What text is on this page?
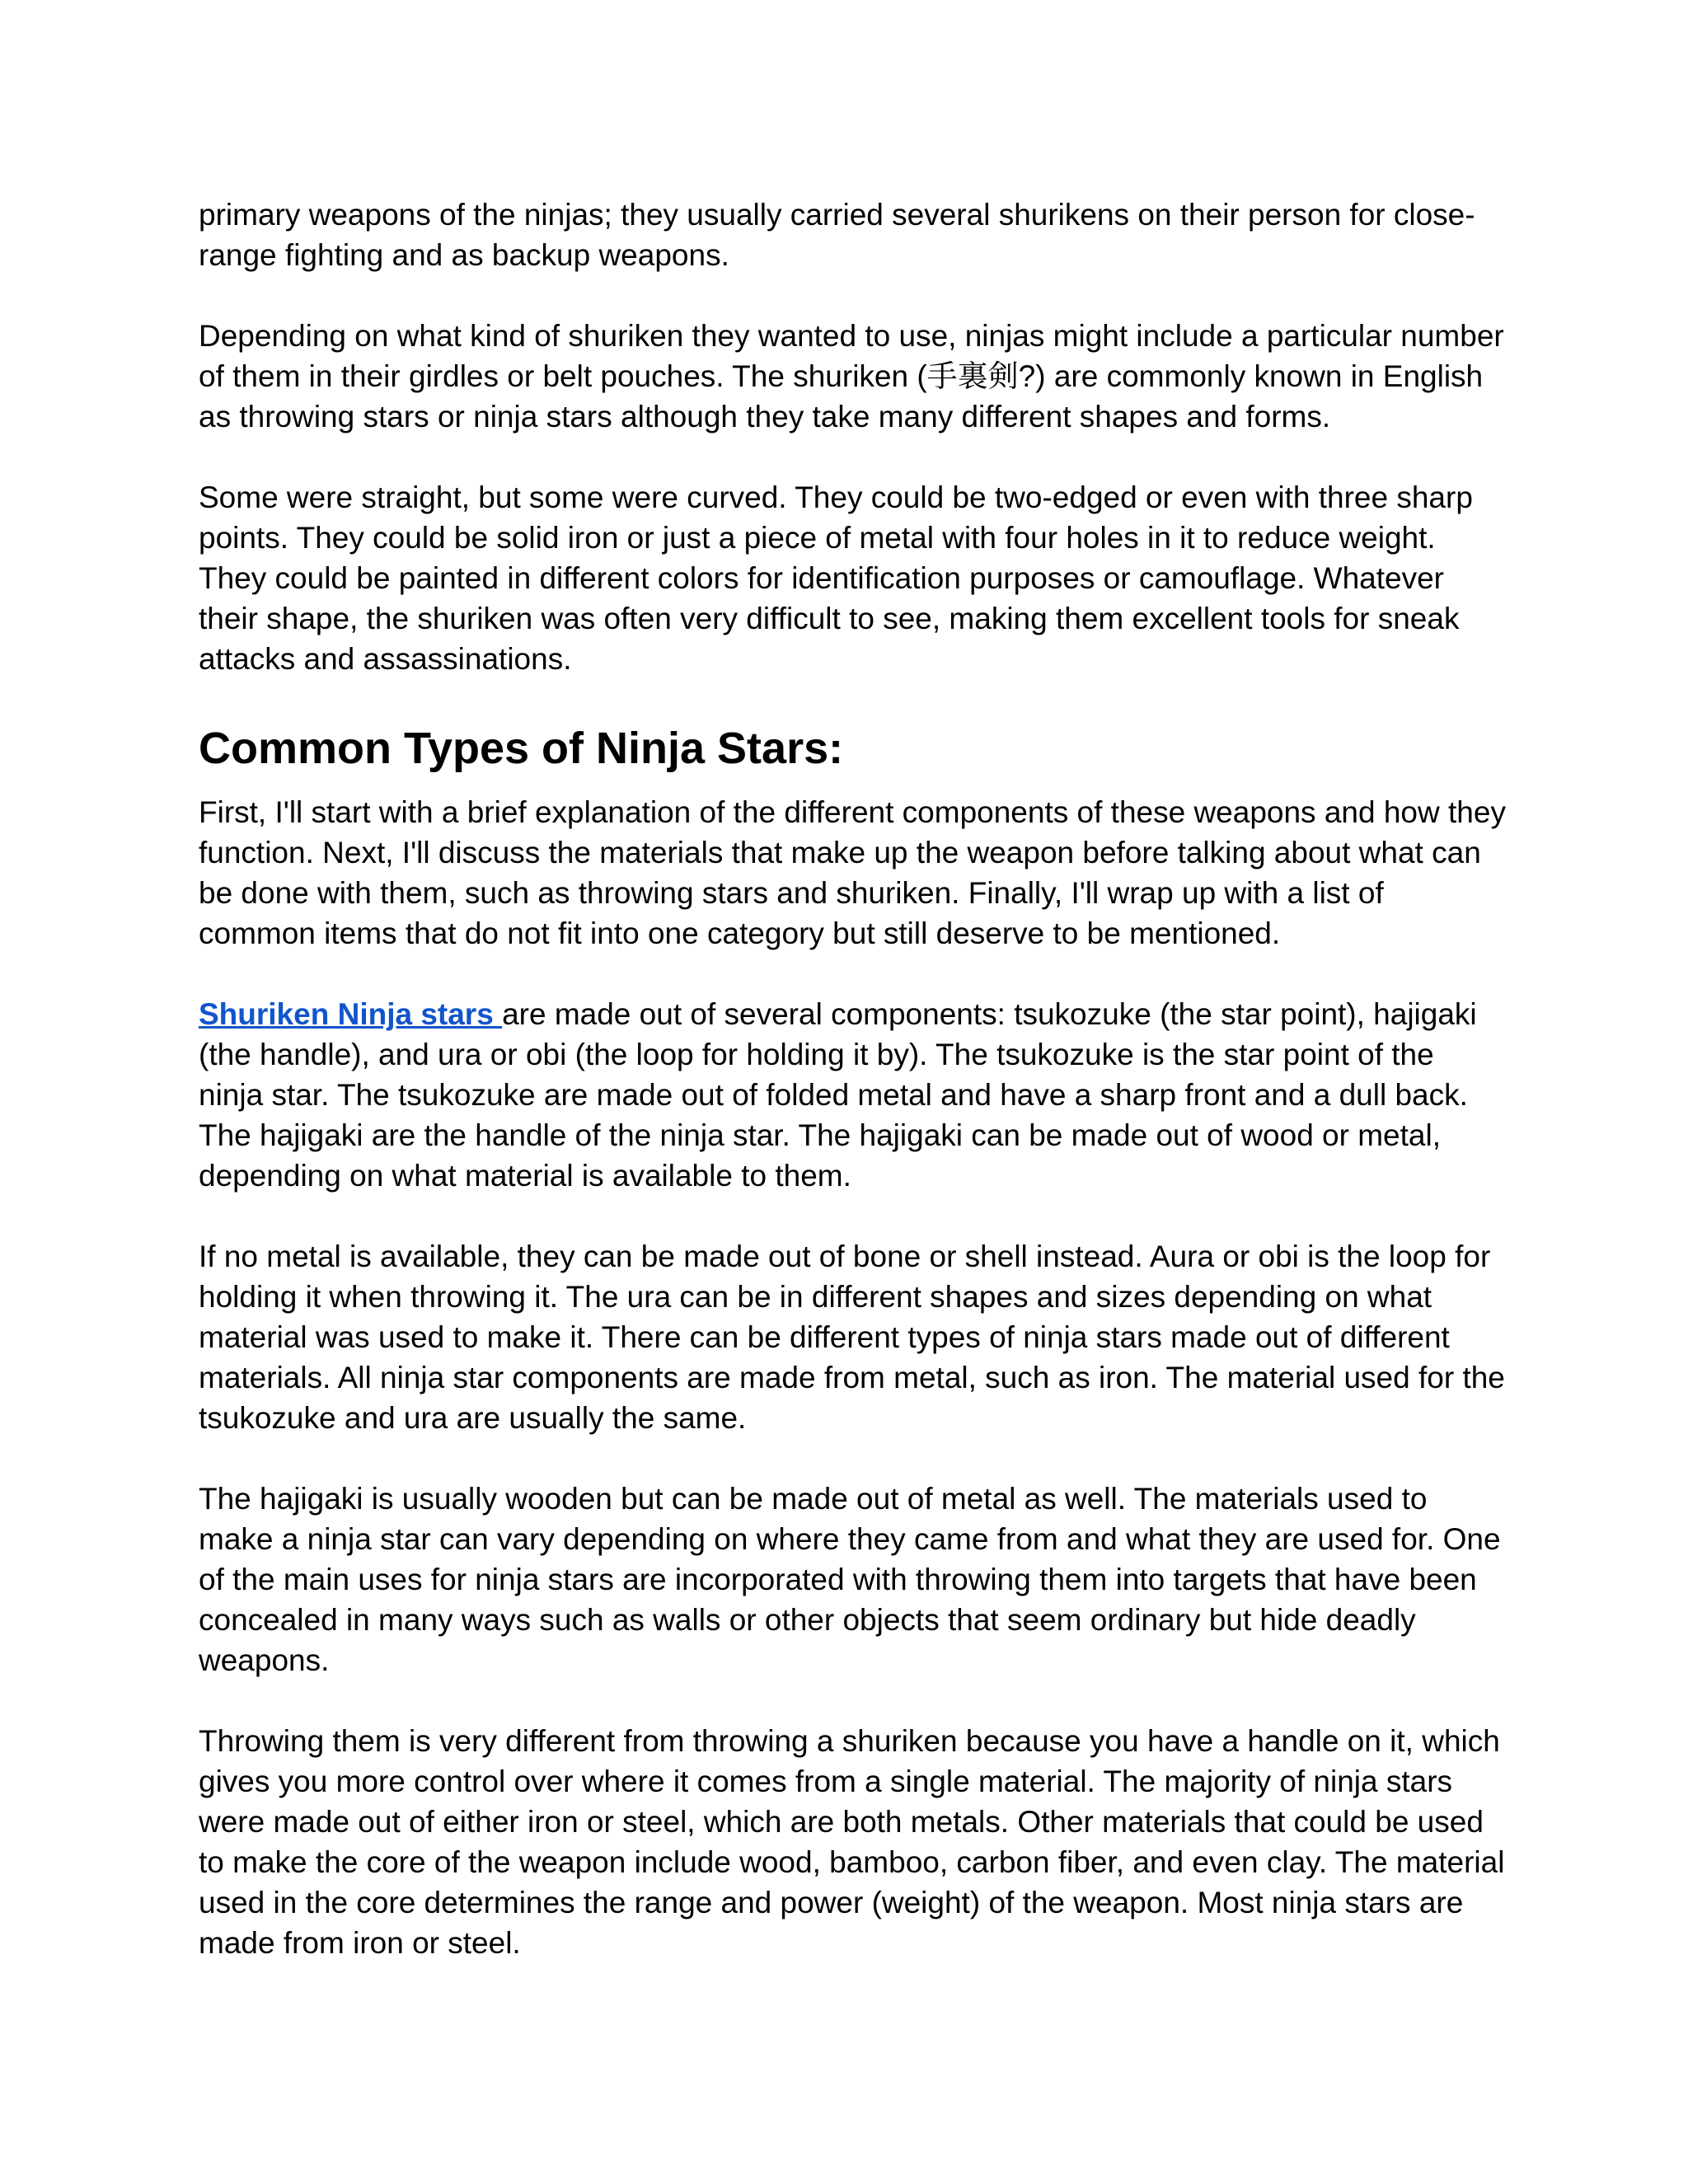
primary weapons of the ninjas; they usually carried several shurikens on their person for close-range fighting and as backup weapons.

Depending on what kind of shuriken they wanted to use, ninjas might include a particular number of them in their girdles or belt pouches. The shuriken (手裏剣?) are commonly known in English as throwing stars or ninja stars although they take many different shapes and forms.

Some were straight, but some were curved. They could be two-edged or even with three sharp points. They could be solid iron or just a piece of metal with four holes in it to reduce weight. They could be painted in different colors for identification purposes or camouflage. Whatever their shape, the shuriken was often very difficult to see, making them excellent tools for sneak attacks and assassinations.

Common Types of Ninja Stars:

First, I'll start with a brief explanation of the different components of these weapons and how they function. Next, I'll discuss the materials that make up the weapon before talking about what can be done with them, such as throwing stars and shuriken. Finally, I'll wrap up with a list of common items that do not fit into one category but still deserve to be mentioned.

Shuriken Ninja stars are made out of several components: tsukozuke (the star point), hajigaki (the handle), and ura or obi (the loop for holding it by). The tsukozuke is the star point of the ninja star. The tsukozuke are made out of folded metal and have a sharp front and a dull back. The hajigaki are the handle of the ninja star. The hajigaki can be made out of wood or metal, depending on what material is available to them.

If no metal is available, they can be made out of bone or shell instead. Aura or obi is the loop for holding it when throwing it. The ura can be in different shapes and sizes depending on what material was used to make it. There can be different types of ninja stars made out of different materials. All ninja star components are made from metal, such as iron. The material used for the tsukozuke and ura are usually the same.

The hajigaki is usually wooden but can be made out of metal as well. The materials used to make a ninja star can vary depending on where they came from and what they are used for. One of the main uses for ninja stars are incorporated with throwing them into targets that have been concealed in many ways such as walls or other objects that seem ordinary but hide deadly weapons.

Throwing them is very different from throwing a shuriken because you have a handle on it, which gives you more control over where it comes from a single material. The majority of ninja stars were made out of either iron or steel, which are both metals. Other materials that could be used to make the core of the weapon include wood, bamboo, carbon fiber, and even clay. The material used in the core determines the range and power (weight) of the weapon. Most ninja stars are made from iron or steel.
